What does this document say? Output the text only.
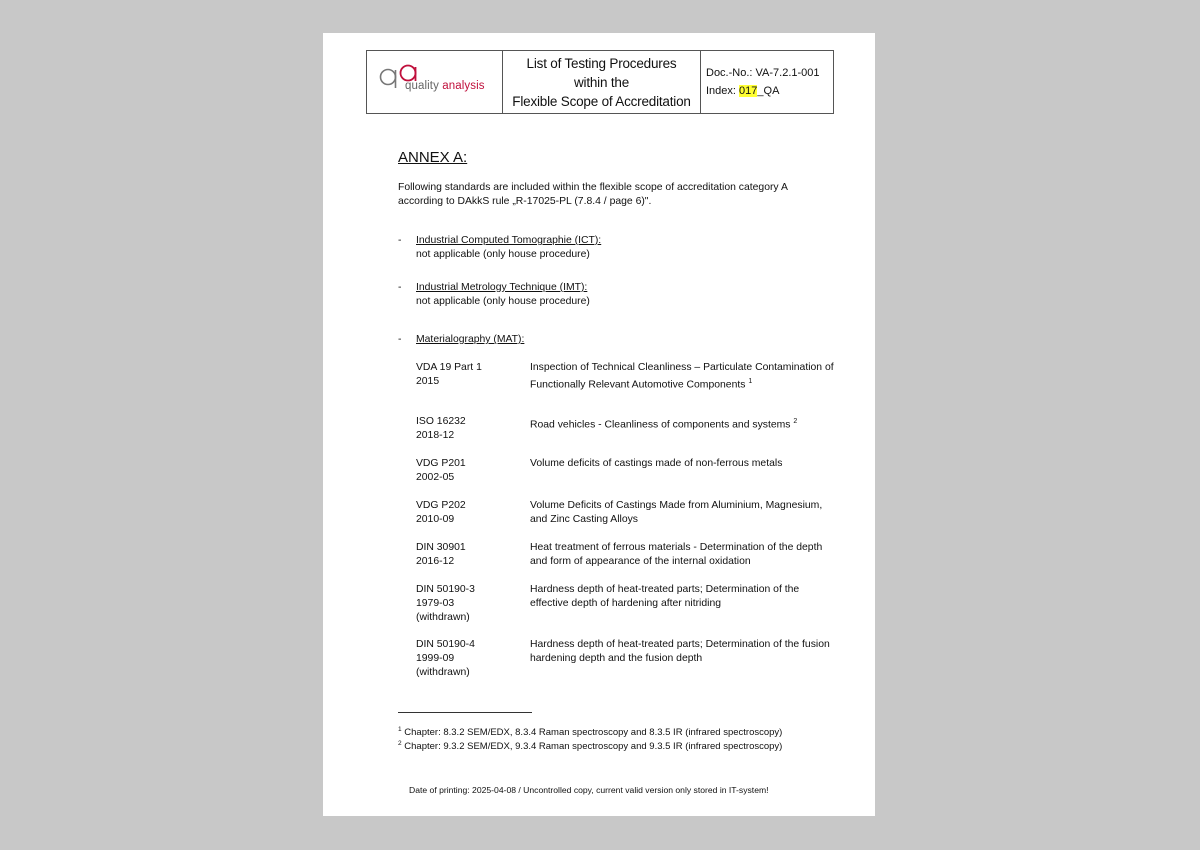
quality analysis
List of Testing Procedures
within the
Flexible Scope of Accreditation
Doc.-No.: VA-7.2.1-001
Index: 017_QA
ANNEX A:
Following standards are included within the flexible scope of accreditation category A according to DAkkS rule „R-17025-PL (7.8.4 / page 6)".
- Industrial Computed Tomographie (ICT):
not applicable (only house procedure)
- Industrial Metrology Technique (IMT):
not applicable (only house procedure)
- Materialography (MAT):
VDA 19 Part 1
2015
Inspection of Technical Cleanliness – Particulate Contamination of Functionally Relevant Automotive Components $^1$
ISO 16232
2018-12
Road vehicles - Cleanliness of components and systems $^2$
VDG P201
2002-05
Volume deficits of castings made of non-ferrous metals
VDG P202
2010-09
Volume Deficits of Castings Made from Aluminium, Magnesium, and Zinc Casting Alloys
DIN 30901
2016-12
Heat treatment of ferrous materials - Determination of the depth and form of appearance of the internal oxidation
DIN 50190-3
1979-03
(withdrawn)
Hardness depth of heat-treated parts; Determination of the effective depth of hardening after nitriding
DIN 50190-4
1999-09
(withdrawn)
Hardness depth of heat-treated parts; Determination of the fusion hardening depth and the fusion depth
$^1$ Chapter: 8.3.2 SEM/EDX, 8.3.4 Raman spectroscopy and 8.3.5 IR (infrared spectroscopy)
$^2$ Chapter: 9.3.2 SEM/EDX, 9.3.4 Raman spectroscopy and 9.3.5 IR (infrared spectroscopy)
Date of printing: 2025-04-08 / Uncontrolled copy, current valid version only stored in IT-system!
